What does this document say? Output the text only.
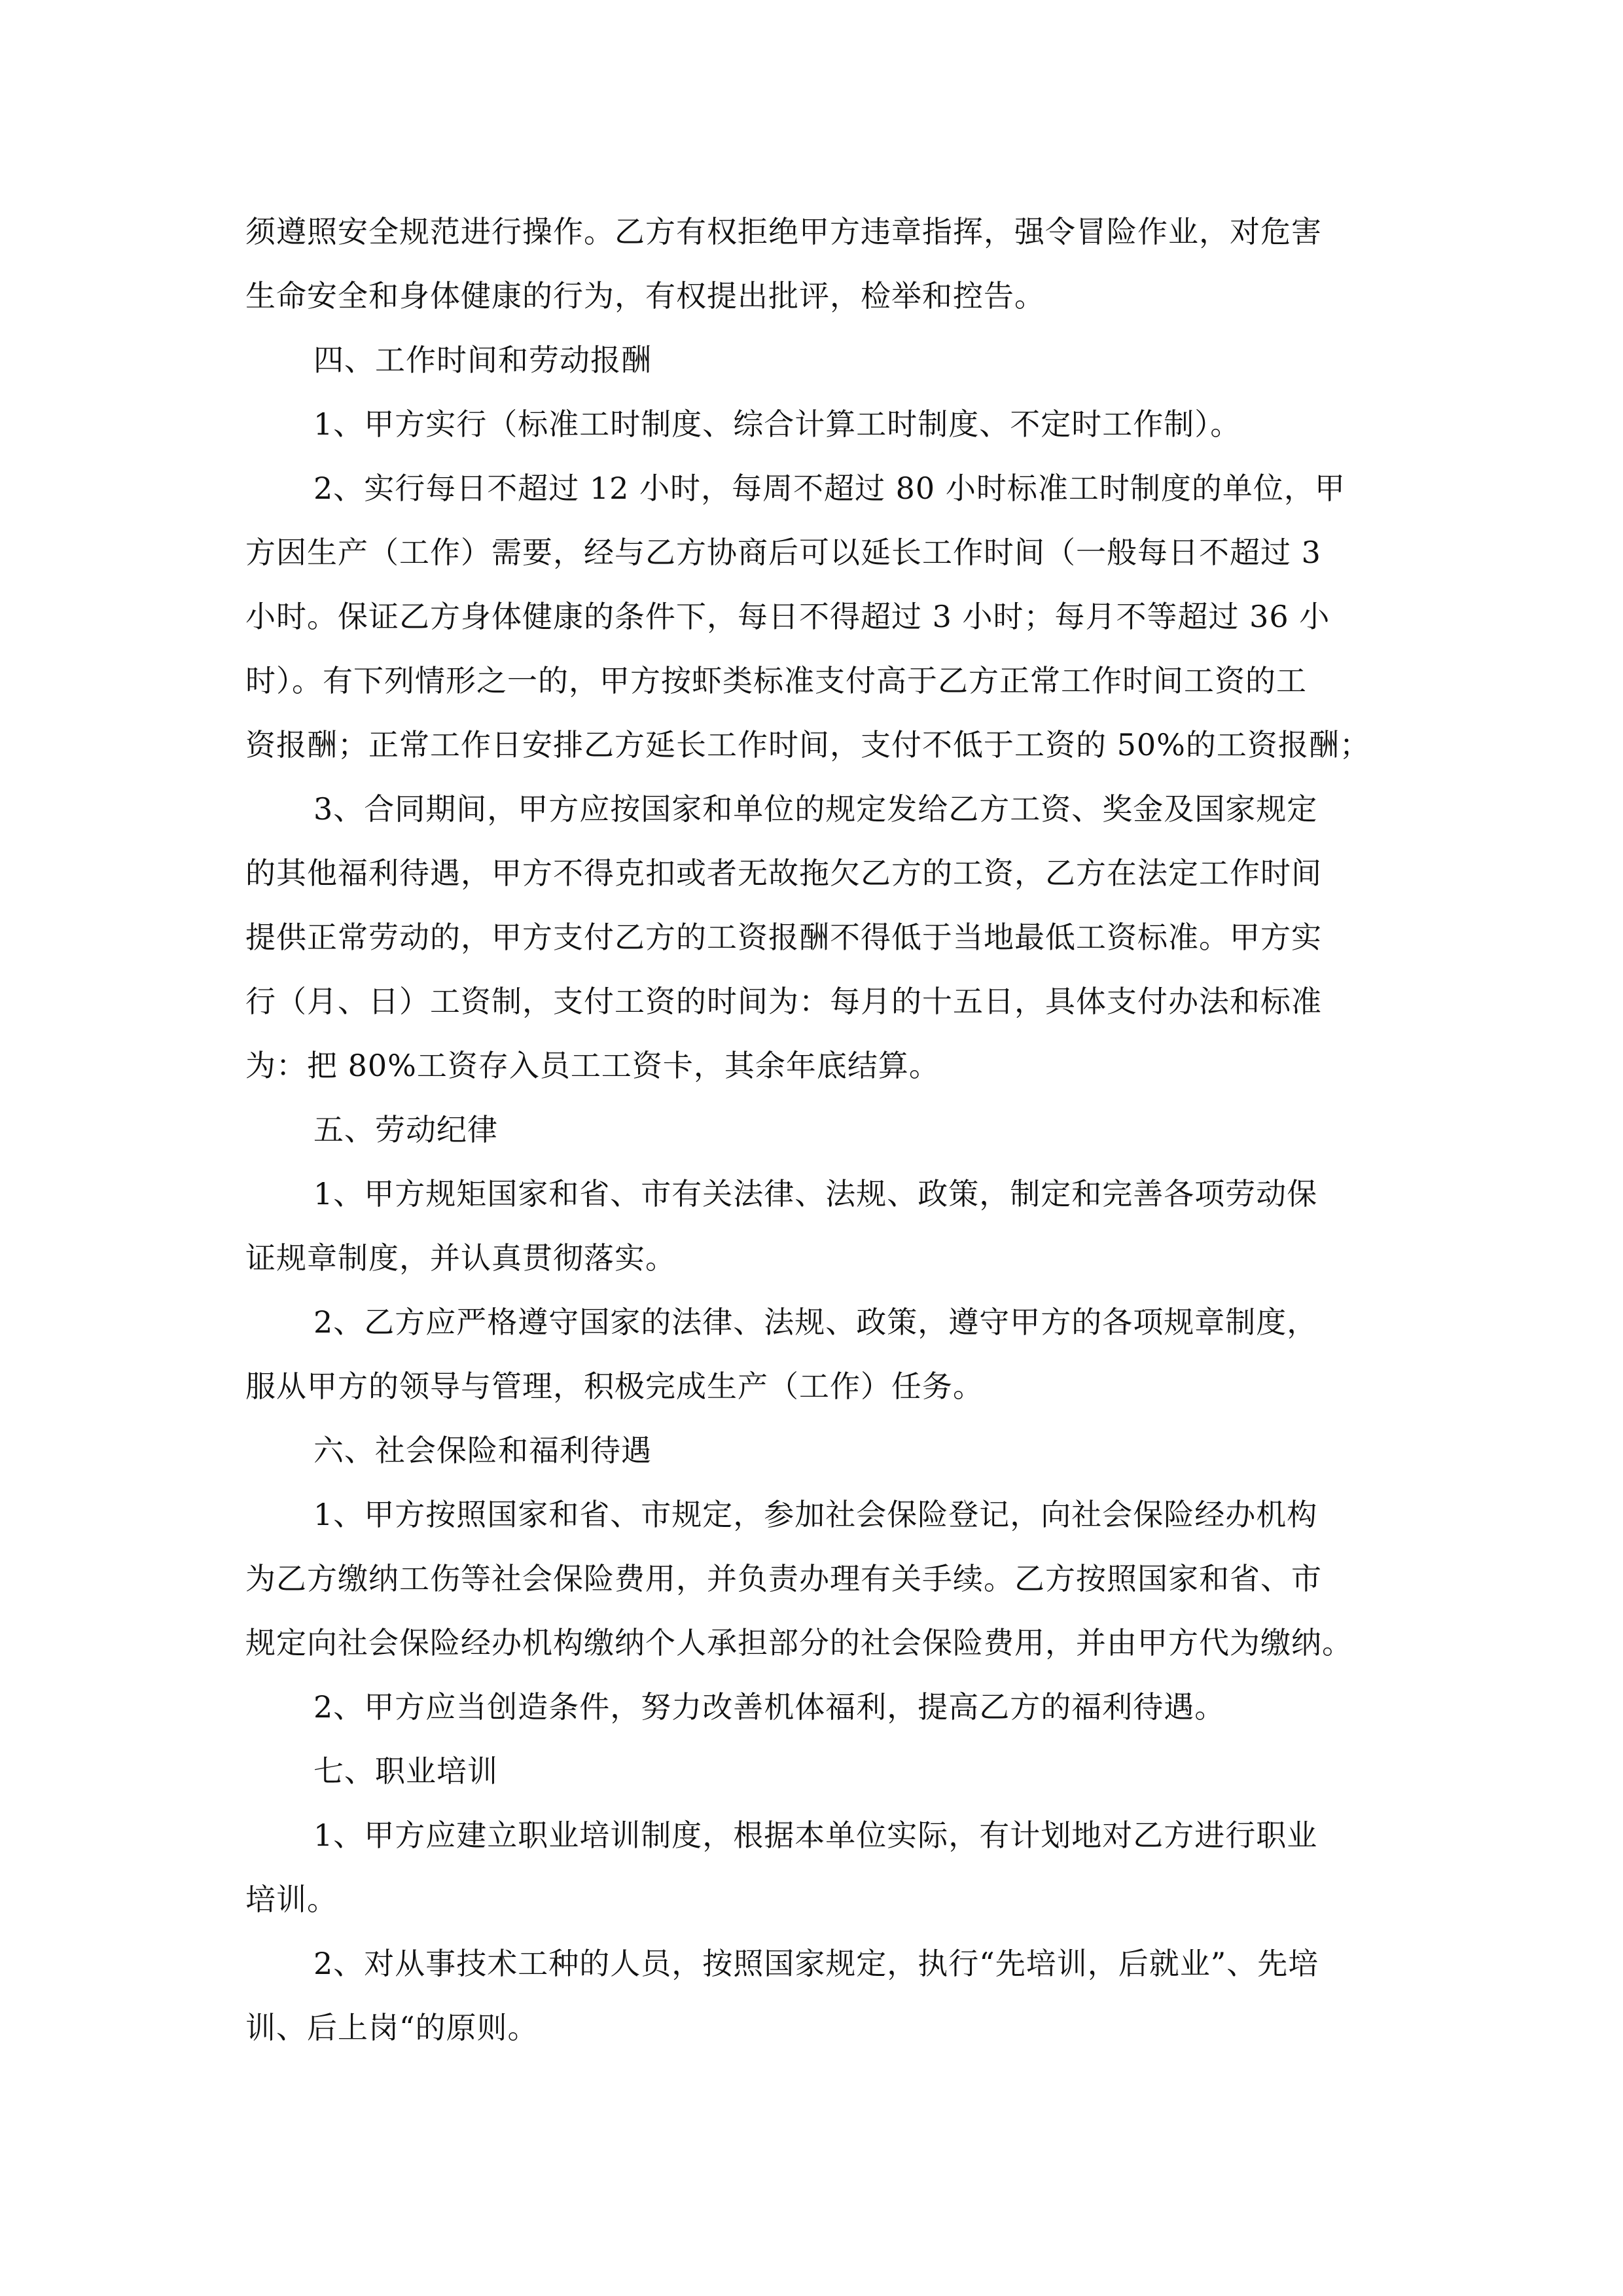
须遵照安全规范进行操作。乙方有权拒绝甲方违章指挥，强令冒险作业，对危害
生命安全和身体健康的行为，有权提出批评，检举和控告。
四、工作时间和劳动报酬
1、甲方实行（标准工时制度、综合计算工时制度、不定时工作制）。
2、实行每日不超过 12 小时，每周不超过 80 小时标准工时制度的单位，甲
方因生产（工作）需要，经与乙方协商后可以延长工作时间（一般每日不超过 3
小时。保证乙方身体健康的条件下，每日不得超过 3 小时；每月不等超过 36 小
时）。有下列情形之一的，甲方按虾类标准支付高于乙方正常工作时间工资的工
资报酬；正常工作日安排乙方延长工作时间，支付不低于工资的 50%的工资报酬；
3、合同期间，甲方应按国家和单位的规定发给乙方工资、奖金及国家规定
的其他福利待遇，甲方不得克扣或者无故拖欠乙方的工资，乙方在法定工作时间
提供正常劳动的，甲方支付乙方的工资报酬不得低于当地最低工资标准。甲方实
行（月、日）工资制，支付工资的时间为：每月的十五日，具体支付办法和标准
为：把 80%工资存入员工工资卡，其余年底结算。
五、劳动纪律
1、甲方规矩国家和省、市有关法律、法规、政策，制定和完善各项劳动保
证规章制度，并认真贯彻落实。
2、乙方应严格遵守国家的法律、法规、政策，遵守甲方的各项规章制度，
服从甲方的领导与管理，积极完成生产（工作）任务。
六、社会保险和福利待遇
1、甲方按照国家和省、市规定，参加社会保险登记，向社会保险经办机构
为乙方缴纳工伤等社会保险费用，并负责办理有关手续。乙方按照国家和省、市
规定向社会保险经办机构缴纳个人承担部分的社会保险费用，并由甲方代为缴纳。
2、甲方应当创造条件，努力改善机体福利，提高乙方的福利待遇。
七、职业培训
1、甲方应建立职业培训制度，根据本单位实际，有计划地对乙方进行职业
培训。
2、对从事技术工种的人员，按照国家规定，执行“先培训，后就业”、先培
训、后上岗“的原则。
